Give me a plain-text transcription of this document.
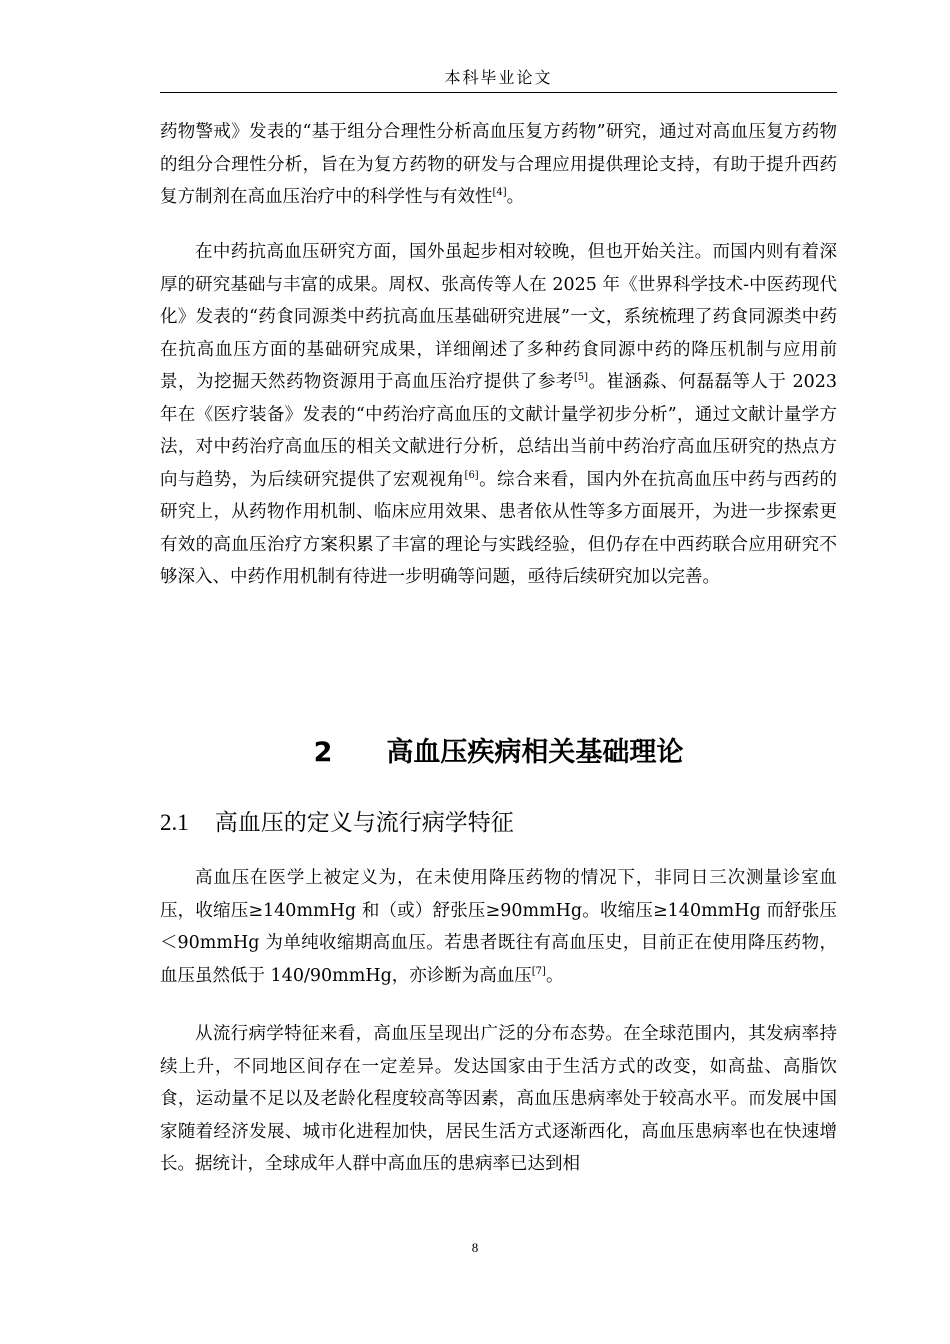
本科毕业论文
药物警戒》发表的“基于组分合理性分析高血压复方药物”研究，通过对高血压复方药物的组分合理性分析，旨在为复方药物的研发与合理应用提供理论支持，有助于提升西药复方制剂在高血压治疗中的科学性与有效性[4]。
在中药抗高血压研究方面，国外虽起步相对较晚，但也开始关注。而国内则有着深厚的研究基础与丰富的成果。周权、张高传等人在 2025 年《世界科学技术-中医药现代化》发表的“药食同源类中药抗高血压基础研究进展”一文，系统梳理了药食同源类中药在抗高血压方面的基础研究成果，详细阐述了多种药食同源中药的降压机制与应用前景，为挖掘天然药物资源用于高血压治疗提供了参考[5]。崔涵淼、何磊磊等人于 2023 年在《医疗装备》发表的“中药治疗高血压的文献计量学初步分析”，通过文献计量学方法，对中药治疗高血压的相关文献进行分析，总结出当前中药治疗高血压研究的热点方向与趋势，为后续研究提供了宏观视角[6]。综合来看，国内外在抗高血压中药与西药的研究上，从药物作用机制、临床应用效果、患者依从性等多方面展开，为进一步探索更有效的高血压治疗方案积累了丰富的理论与实践经验，但仍存在中西药联合应用研究不够深入、中药作用机制有待进一步明确等问题，亟待后续研究加以完善。
2 高血压疾病相关基础理论
2.1 高血压的定义与流行病学特征
高血压在医学上被定义为，在未使用降压药物的情况下，非同日三次测量诊室血压，收缩压≥140mmHg 和（或）舒张压≥90mmHg。收缩压≥140mmHg 而舒张压＜90mmHg 为单纯收缩期高血压。若患者既往有高血压史，目前正在使用降压药物，血压虽然低于 140/90mmHg，亦诊断为高血压[7]。
从流行病学特征来看，高血压呈现出广泛的分布态势。在全球范围内，其发病率持续上升，不同地区间存在一定差异。发达国家由于生活方式的改变，如高盐、高脂饮食，运动量不足以及老龄化程度较高等因素，高血压患病率处于较高水平。而发展中国家随着经济发展、城市化进程加快，居民生活方式逐渐西化，高血压患病率也在快速增长。据统计，全球成年人群中高血压的患病率已达到相
8
